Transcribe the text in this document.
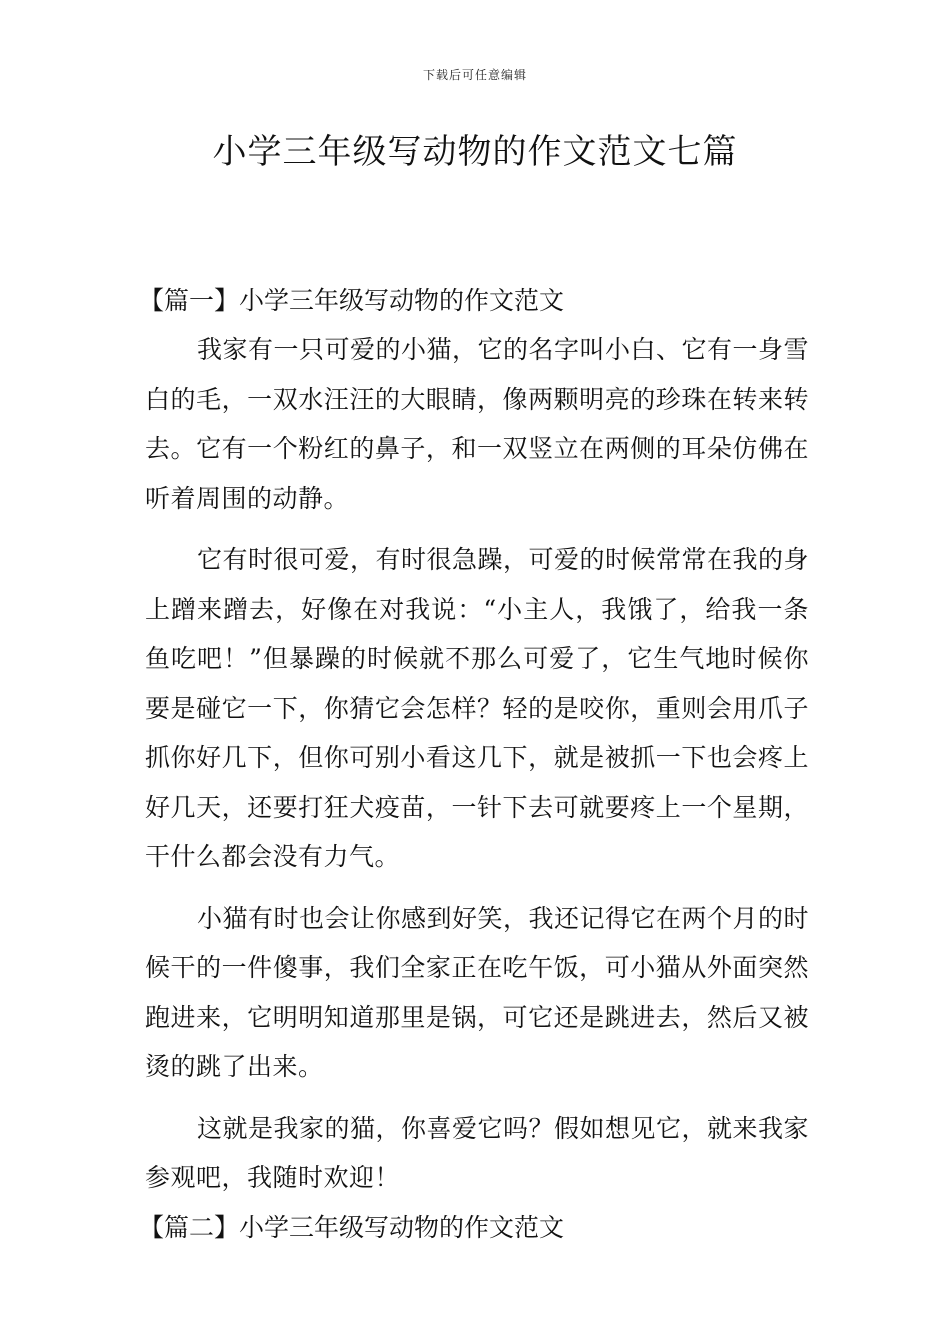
下载后可任意编辑
小学三年级写动物的作文范文七篇
【篇一】小学三年级写动物的作文范文

我家有一只可爱的小猫，它的名字叫小白、它有一身雪白的毛，一双水汪汪的大眼睛，像两颗明亮的珍珠在转来转去。它有一个粉红的鼻子，和一双竖立在两侧的耳朵仿佛在听着周围的动静。

它有时很可爱，有时很急躁，可爱的时候常常在我的身上蹭来蹭去，好像在对我说：“小主人，我饿了，给我一条鱼吃吧！”但暴躁的时候就不那么可爱了，它生气地时候你要是碰它一下，你猜它会怎样？轻的是咬你，重则会用爪子抓你好几下，但你可别小看这几下，就是被抓一下也会疼上好几天，还要打狂犬疫苗，一针下去可就要疼上一个星期，干什么都会没有力气。

小猫有时也会让你感到好笑，我还记得它在两个月的时候干的一件傻事，我们全家正在吃午饭，可小猫从外面突然跑进来，它明明知道那里是锅，可它还是跳进去，然后又被烫的跳了出来。

这就是我家的猫，你喜爱它吗？假如想见它，就来我家参观吧，我随时欢迎！

【篇二】小学三年级写动物的作文范文
